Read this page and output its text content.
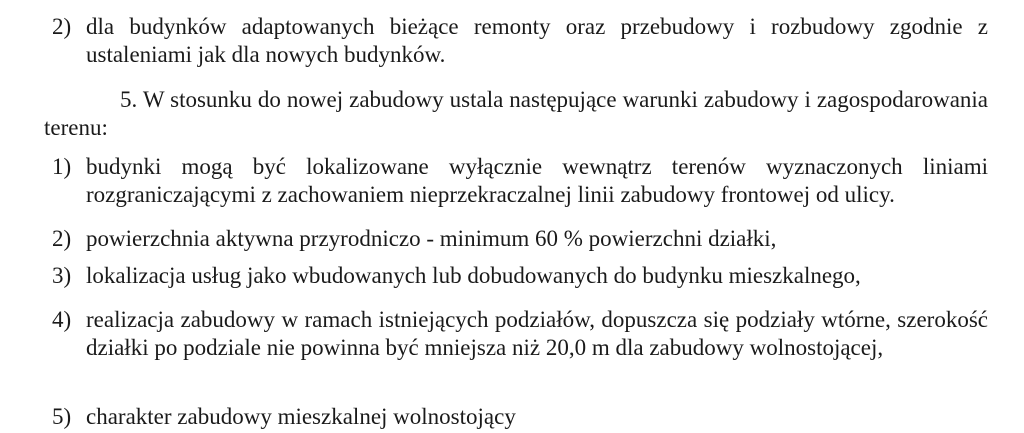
2) dla budynków adaptowanych bieżące remonty oraz przebudowy i rozbudowy zgodnie z ustaleniami jak dla nowych budynków.
5. W stosunku do nowej zabudowy ustala następujące warunki zabudowy i zagospodarowania terenu:
1) budynki mogą być lokalizowane wyłącznie wewnątrz terenów wyznaczonych liniami rozgraniczającymi z zachowaniem nieprzekraczalnej linii zabudowy frontowej od ulicy.
2) powierzchnia aktywna przyrodniczo - minimum 60 % powierzchni działki,
3) lokalizacja usług jako wbudowanych lub dobudowanych do budynku mieszkalnego,
4) realizacja zabudowy w ramach istniejących podziałów, dopuszcza się podziały wtórne, szerokość działki po podziale nie powinna być mniejsza niż 20,0 m dla zabudowy wolnostojącej,
5) charakter zabudowy mieszkalnej wolnostojący
